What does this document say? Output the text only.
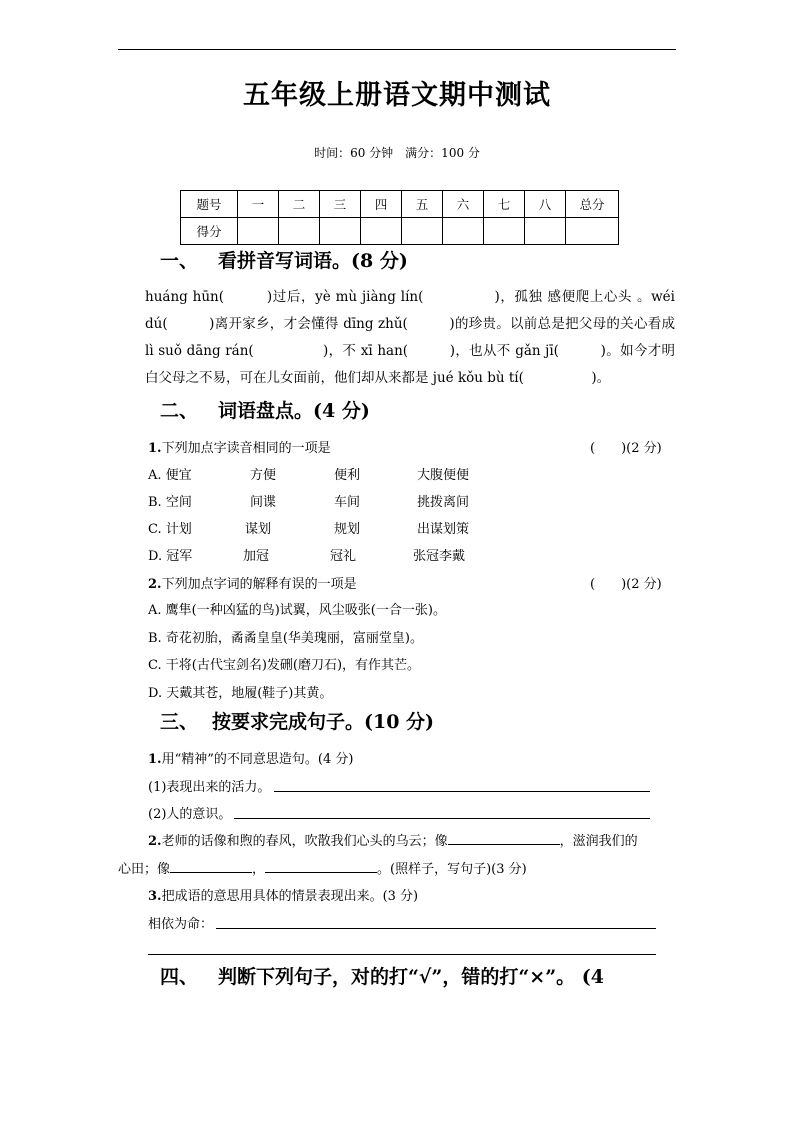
五年级上册语文期中测试
时间：60 分钟　满分：100 分
题号	一	二	三	四	五	六	七	八	总分
得分									
一、 看拼音写词语。(8 分)
huáng hūn(　　　)过后，yè mù jiàng lín(　　　　　)，孤独 感便爬上心头 。wéi dú(　　　)离开家乡，才会懂得 dīng zhǔ(　　　)的珍贵。以前总是把父母的关心看成 lì suǒ dāng rán(　　　　　)，不 xī han(　　　)，也从不 gǎn jī(　　　)。如今才明白父母之不易，可在儿女面前，他们却从来都是 jué kǒu bù tí(　　　　　)。
二、 词语盘点。(4 分)
1.下列加点字读音相同的一项是	(　　)(2 分)
A. 便宜	方便	便利	大腹便便
B. 空间	间谍	车间	挑拨离间
C. 计划	谋划	规划	出谋划策
D. 冠军	加冠	冠礼	张冠李戴
2.下列加点字词的解释有误的一项是	(　　)(2 分)
A. 鹰隼(一种凶猛的鸟)试翼，风尘吸张(一合一张)。
B. 奇花初胎，矞矞皇皇(华美瑰丽，富丽堂皇)。
C. 干将(古代宝剑名)发硎(磨刀石)，有作其芒。
D. 天戴其苍，地履(鞋子)其黄。
三、 按要求完成句子。(10 分)
1.用“精神”的不同意思造句。(4 分)
(1)表现出来的活力。
(2)人的意识。
2.老师的话像和煦的春风，吹散我们心头的乌云；像	，滋润我们的
心田；像	，	。(照样子，写句子)(3 分)
3.把成语的意思用具体的情景表现出来。(3 分)
相依为命：
四、 判断下列句子，对的打“√”，错的打“×”。 (4
